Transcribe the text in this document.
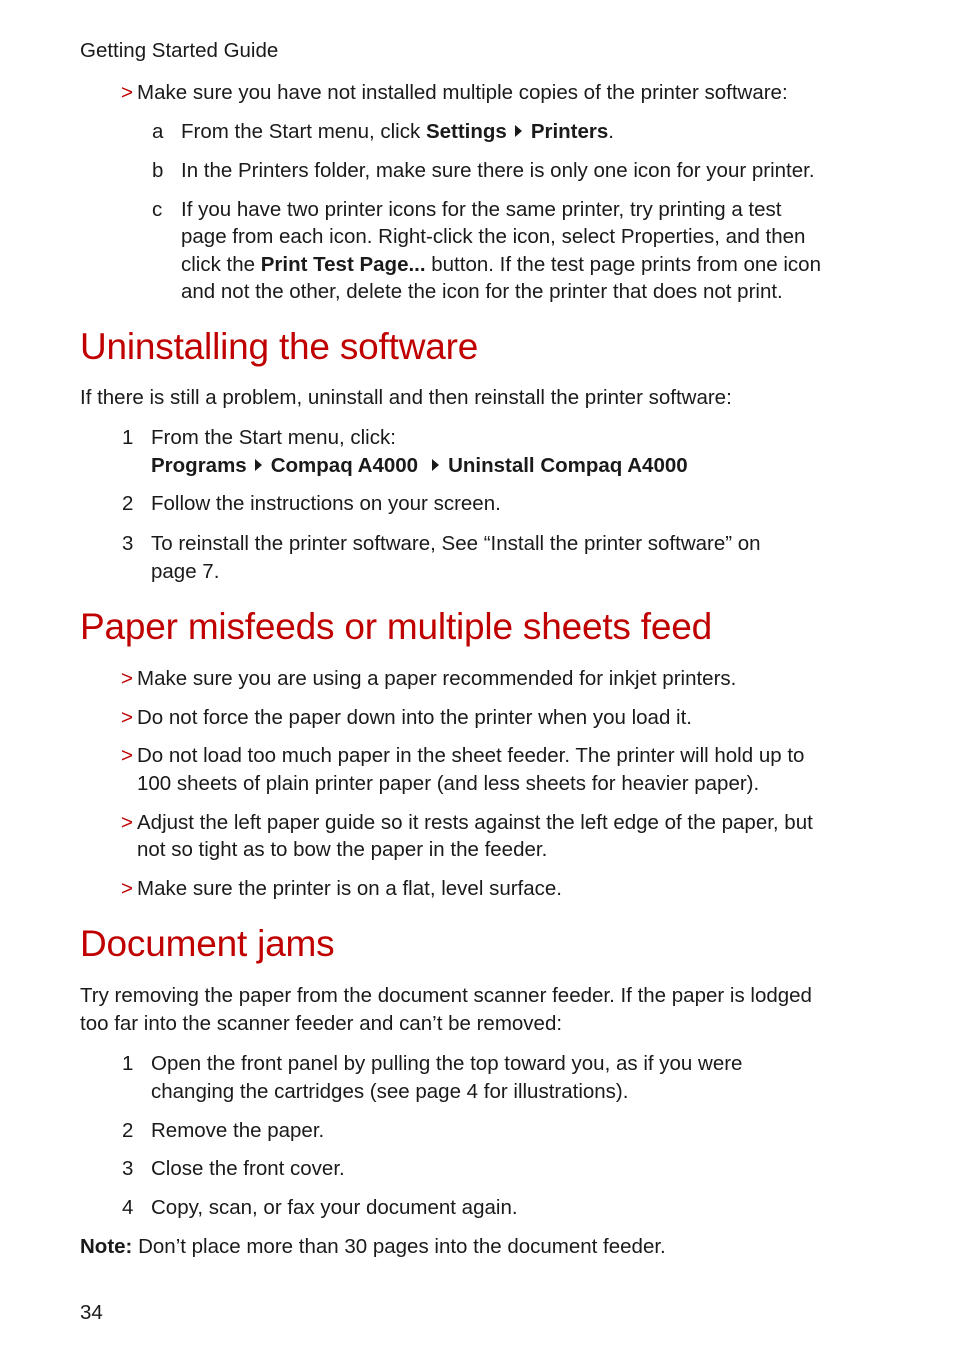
Getting Started Guide
> Make sure you have not installed multiple copies of the printer software:
a From the Start menu, click Settings Printers.
b In the Printers folder, make sure there is only one icon for your printer.
c If you have two printer icons for the same printer, try printing a test
page from each icon. Right-click the icon, select Properties, and then
click the Print Test Page... button. If the test page prints from one icon
and not the other, delete the icon for the printer that does not print.
Uninstalling the software
If there is still a problem, uninstall and then reinstall the printer software:
1 From the Start menu, click:
Programs Compaq A4000 Uninstall Compaq A4000
2 Follow the instructions on your screen.
3 To reinstall the printer software, See “Install the printer software” on
page 7.
Paper misfeeds or multiple sheets feed
> Make sure you are using a paper recommended for inkjet printers.
> Do not force the paper down into the printer when you load it.
> Do not load too much paper in the sheet feeder. The printer will hold up to
100 sheets of plain printer paper (and less sheets for heavier paper).
> Adjust the left paper guide so it rests against the left edge of the paper, but
not so tight as to bow the paper in the feeder.
> Make sure the printer is on a flat, level surface.
Document jams
Try removing the paper from the document scanner feeder. If the paper is lodged
too far into the scanner feeder and can’t be removed:
1 Open the front panel by pulling the top toward you, as if you were
changing the cartridges (see page 4 for illustrations).
2 Remove the paper.
3 Close the front cover.
4 Copy, scan, or fax your document again.
Note: Don’t place more than 30 pages into the document feeder.
34
